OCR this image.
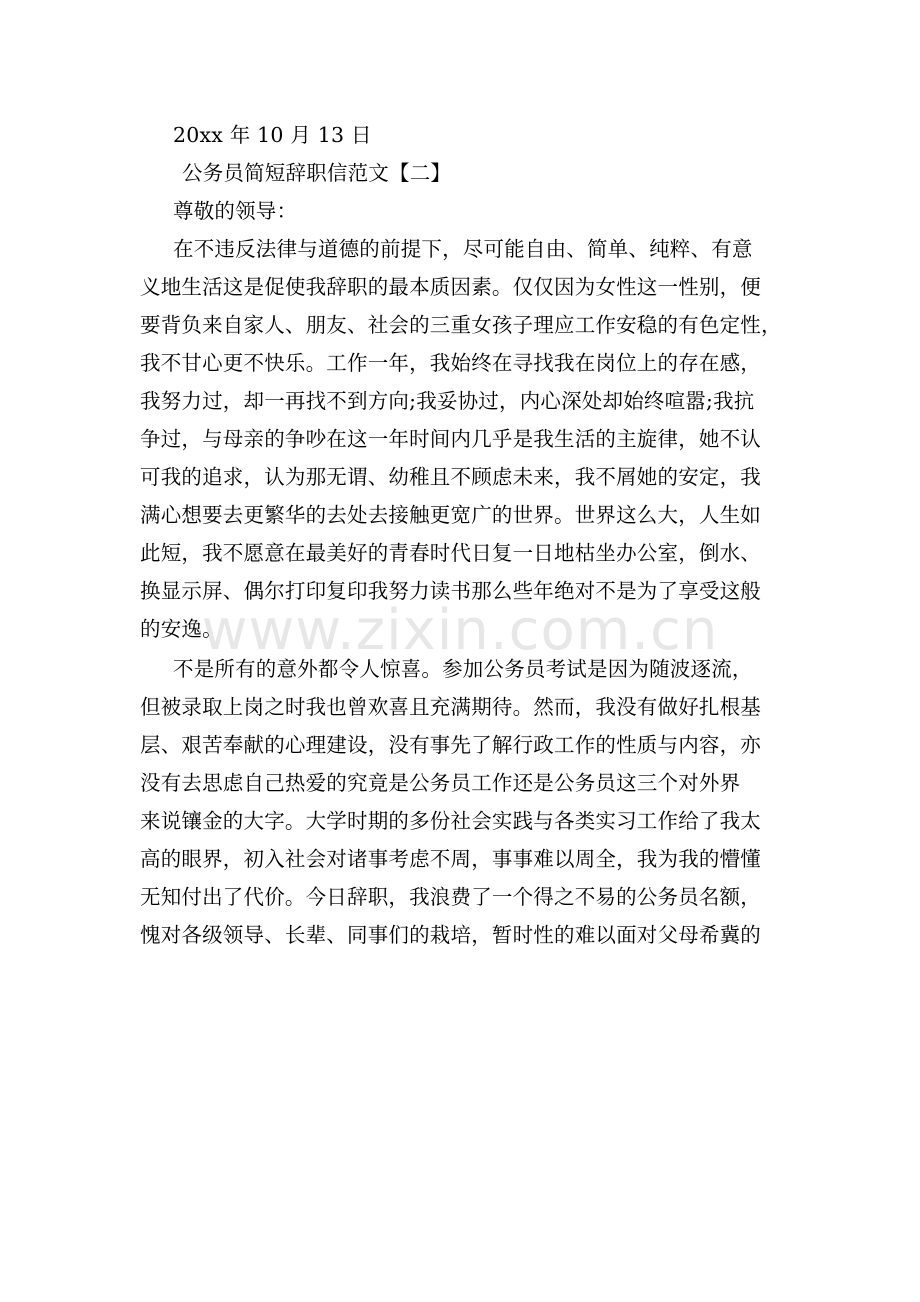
20xx 年 10 月 13 日
公务员简短辞职信范文【二】
尊敬的领导：
在不违反法律与道德的前提下，尽可能自由、简单、纯粹、有意
义地生活这是促使我辞职的最本质因素。仅仅因为女性这一性别，便
要背负来自家人、朋友、社会的三重女孩子理应工作安稳的有色定性，
我不甘心更不快乐。工作一年，我始终在寻找我在岗位上的存在感，
我努力过，却一再找不到方向;我妥协过，内心深处却始终喧嚣;我抗
争过，与母亲的争吵在这一年时间内几乎是我生活的主旋律，她不认
可我的追求，认为那无谓、幼稚且不顾虑未来，我不屑她的安定，我
满心想要去更繁华的去处去接触更宽广的世界。世界这么大，人生如
此短，我不愿意在最美好的青春时代日复一日地枯坐办公室，倒水、
换显示屏、偶尔打印复印我努力读书那么些年绝对不是为了享受这般
的安逸。
不是所有的意外都令人惊喜。参加公务员考试是因为随波逐流，
但被录取上岗之时我也曾欢喜且充满期待。然而，我没有做好扎根基
层、艰苦奉献的心理建设，没有事先了解行政工作的性质与内容，亦
没有去思虑自己热爱的究竟是公务员工作还是公务员这三个对外界
来说镶金的大字。大学时期的多份社会实践与各类实习工作给了我太
高的眼界，初入社会对诸事考虑不周，事事难以周全，我为我的懵懂
无知付出了代价。今日辞职，我浪费了一个得之不易的公务员名额，
愧对各级领导、长辈、同事们的栽培，暂时性的难以面对父母希冀的
www.zixin.com.cn
